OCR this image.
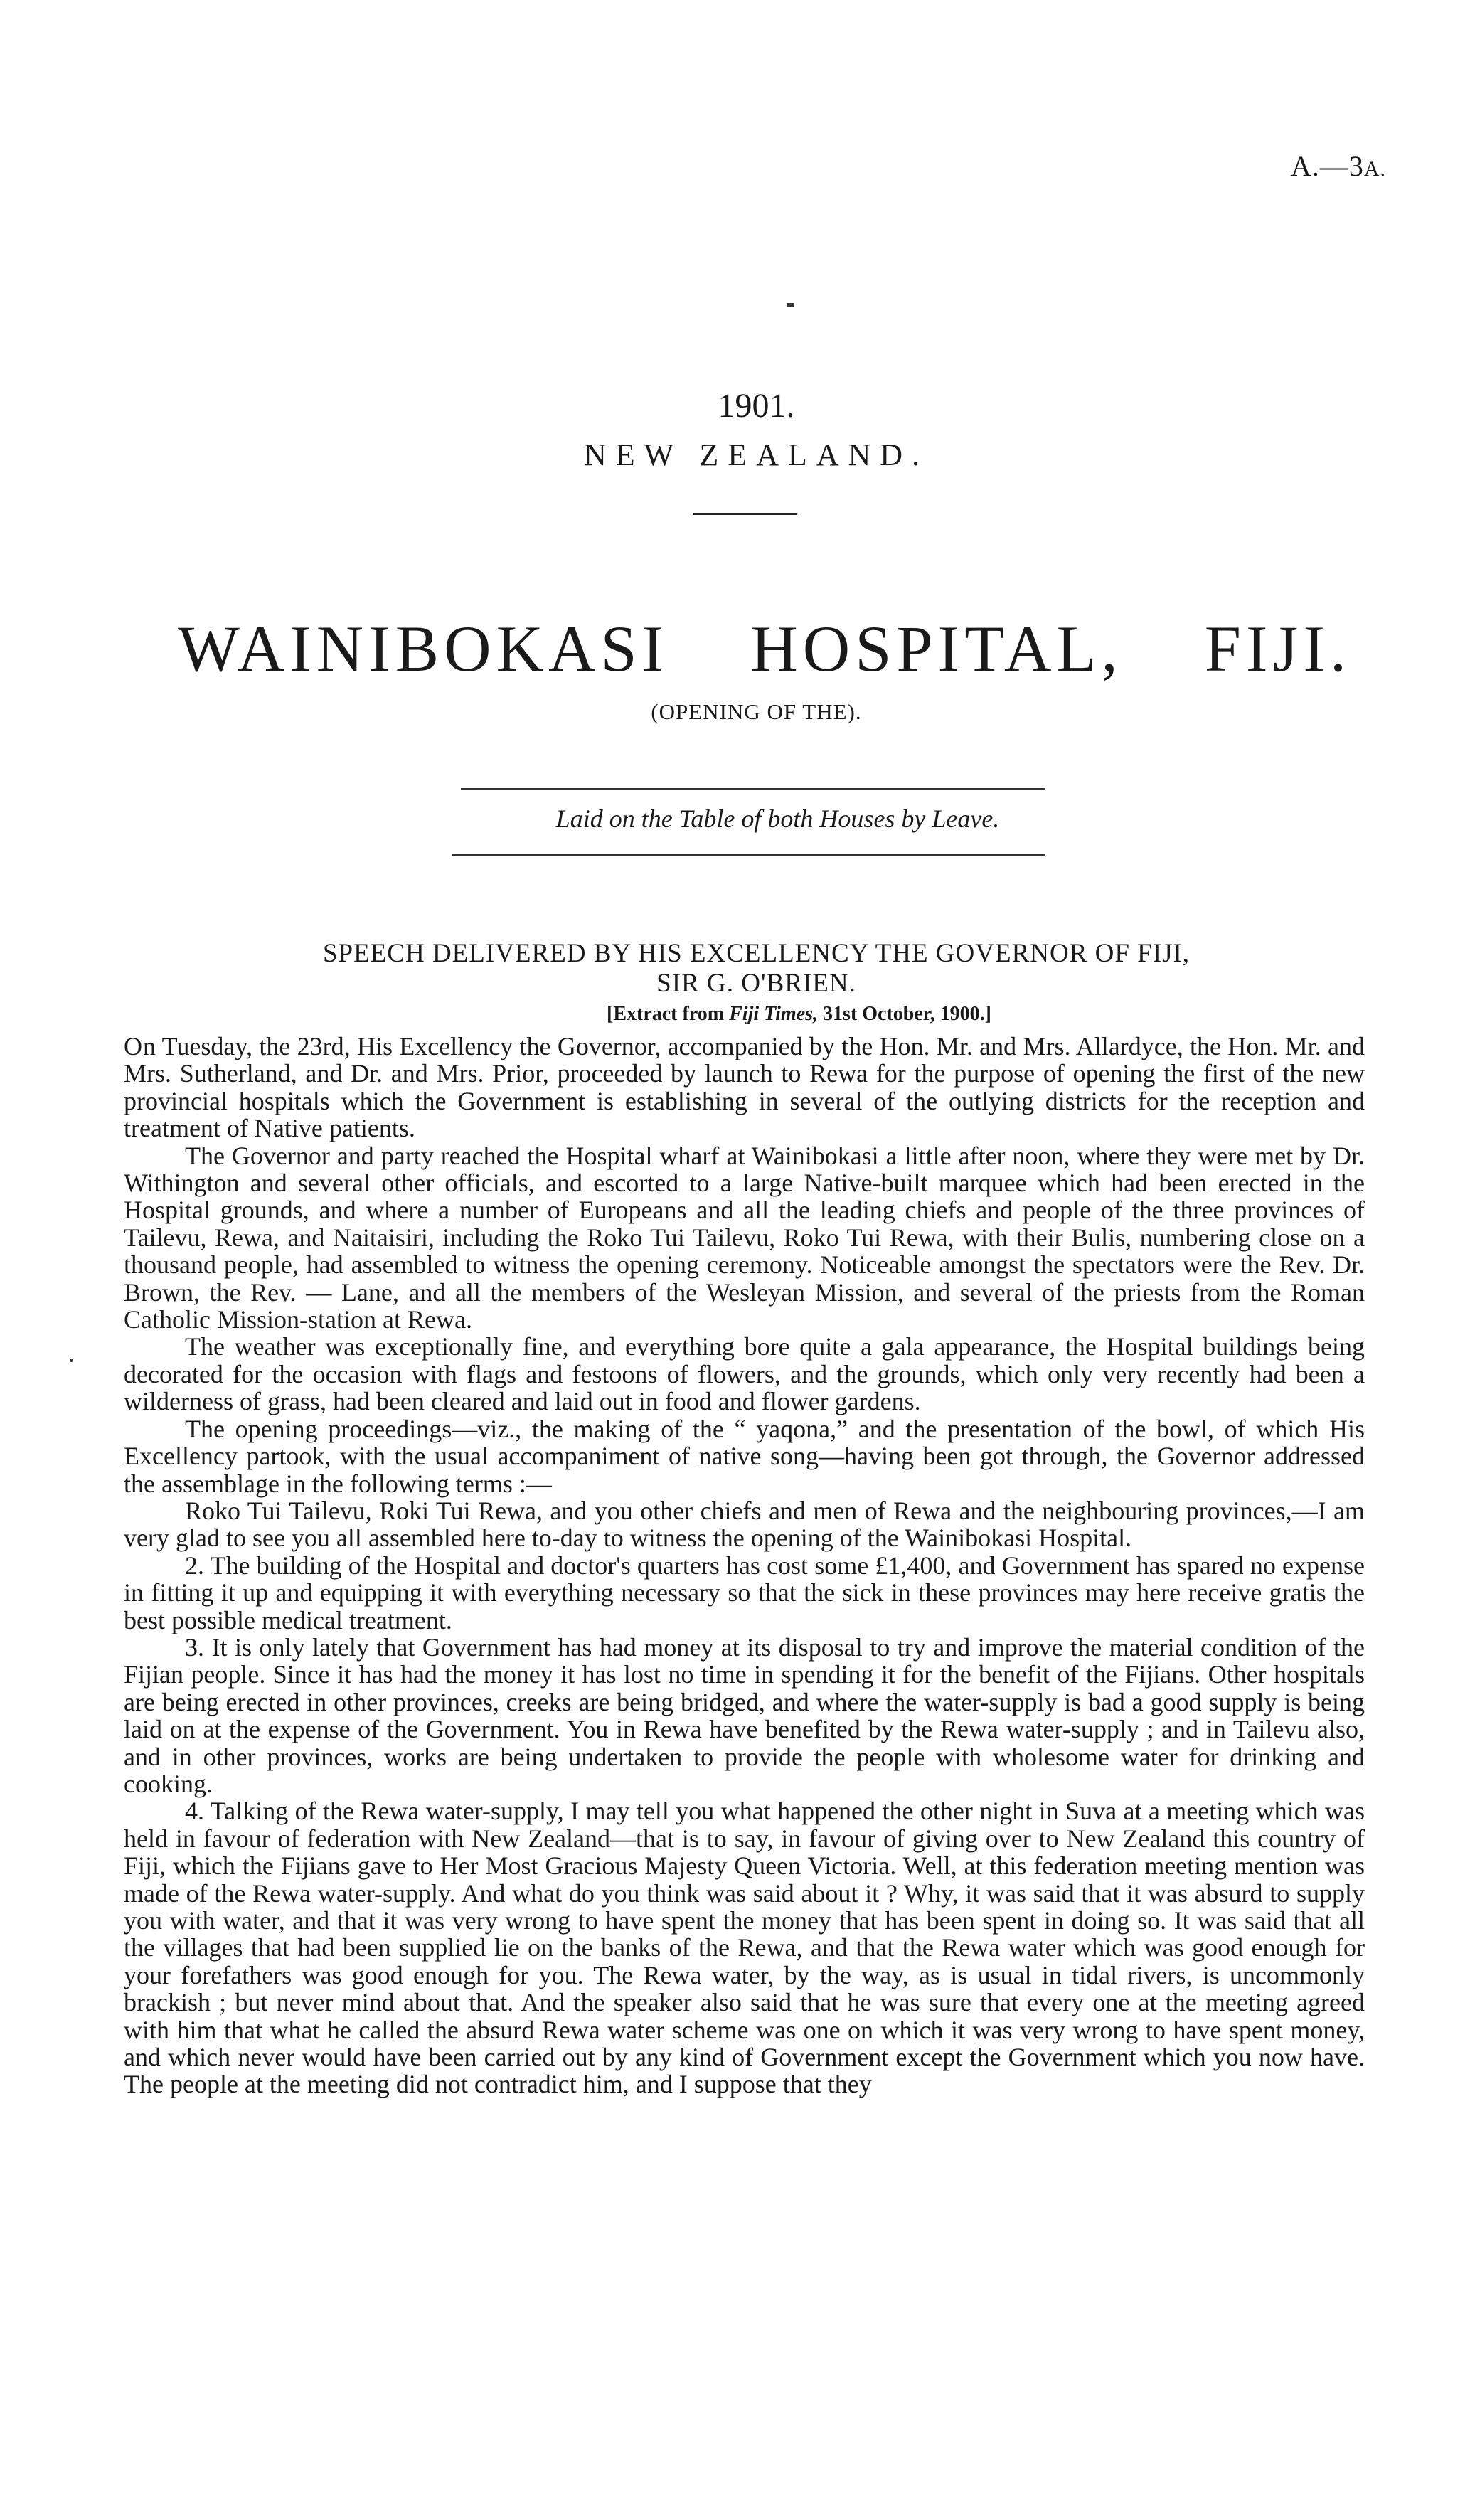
A.—3A.
1901.
NEW ZEALAND.
WAINIBOKASI HOSPITAL, FIJI.
(OPENING OF THE).
Laid on the Table of both Houses by Leave.
SPEECH DELIVERED BY HIS EXCELLENCY THE GOVERNOR OF FIJI,
SIR G. O'BRIEN.
[Extract from Fiji Times, 31st October, 1900.]

On Tuesday, the 23rd, His Excellency the Governor, accompanied by the Hon. Mr. and Mrs. Allardyce, the Hon. Mr. and Mrs. Sutherland, and Dr. and Mrs. Prior, proceeded by launch to Rewa for the purpose of opening the first of the new provincial hospitals which the Government is establishing in several of the outlying districts for the reception and treatment of Native patients.

The Governor and party reached the Hospital wharf at Wainibokasi a little after noon, where they were met by Dr. Withington and several other officials, and escorted to a large Native-built marquee which had been erected in the Hospital grounds, and where a number of Europeans and all the leading chiefs and people of the three provinces of Tailevu, Rewa, and Naitaisiri, including the Roko Tui Tailevu, Roko Tui Rewa, with their Bulis, numbering close on a thousand people, had assembled to witness the opening ceremony. Noticeable amongst the spectators were the Rev. Dr. Brown, the Rev. — Lane, and all the members of the Wesleyan Mission, and several of the priests from the Roman Catholic Mission-station at Rewa.

The weather was exceptionally fine, and everything bore quite a gala appearance, the Hospital buildings being decorated for the occasion with flags and festoons of flowers, and the grounds, which only very recently had been a wilderness of grass, had been cleared and laid out in food and flower gardens.

The opening proceedings—viz., the making of the “ yaqona,” and the presentation of the bowl, of which His Excellency partook, with the usual accompaniment of native song—having been got through, the Governor addressed the assemblage in the following terms :—

Roko Tui Tailevu, Roki Tui Rewa, and you other chiefs and men of Rewa and the neighbouring provinces,—I am very glad to see you all assembled here to-day to witness the opening of the Wainibokasi Hospital.

2. The building of the Hospital and doctor's quarters has cost some £1,400, and Government has spared no expense in fitting it up and equipping it with everything necessary so that the sick in these provinces may here receive gratis the best possible medical treatment.

3. It is only lately that Government has had money at its disposal to try and improve the material condition of the Fijian people. Since it has had the money it has lost no time in spending it for the benefit of the Fijians. Other hospitals are being erected in other provinces, creeks are being bridged, and where the water-supply is bad a good supply is being laid on at the expense of the Government. You in Rewa have benefited by the Rewa water-supply ; and in Tailevu also, and in other provinces, works are being undertaken to provide the people with wholesome water for drinking and cooking.

4. Talking of the Rewa water-supply, I may tell you what happened the other night in Suva at a meeting which was held in favour of federation with New Zealand—that is to say, in favour of giving over to New Zealand this country of Fiji, which the Fijians gave to Her Most Gracious Majesty Queen Victoria. Well, at this federation meeting mention was made of the Rewa water-supply. And what do you think was said about it ? Why, it was said that it was absurd to supply you with water, and that it was very wrong to have spent the money that has been spent in doing so. It was said that all the villages that had been supplied lie on the banks of the Rewa, and that the Rewa water which was good enough for your forefathers was good enough for you. The Rewa water, by the way, as is usual in tidal rivers, is uncommonly brackish ; but never mind about that. And the speaker also said that he was sure that every one at the meeting agreed with him that what he called the absurd Rewa water scheme was one on which it was very wrong to have spent money, and which never would have been carried out by any kind of Government except the Government which you now have. The people at the meeting did not contradict him, and I suppose that they
